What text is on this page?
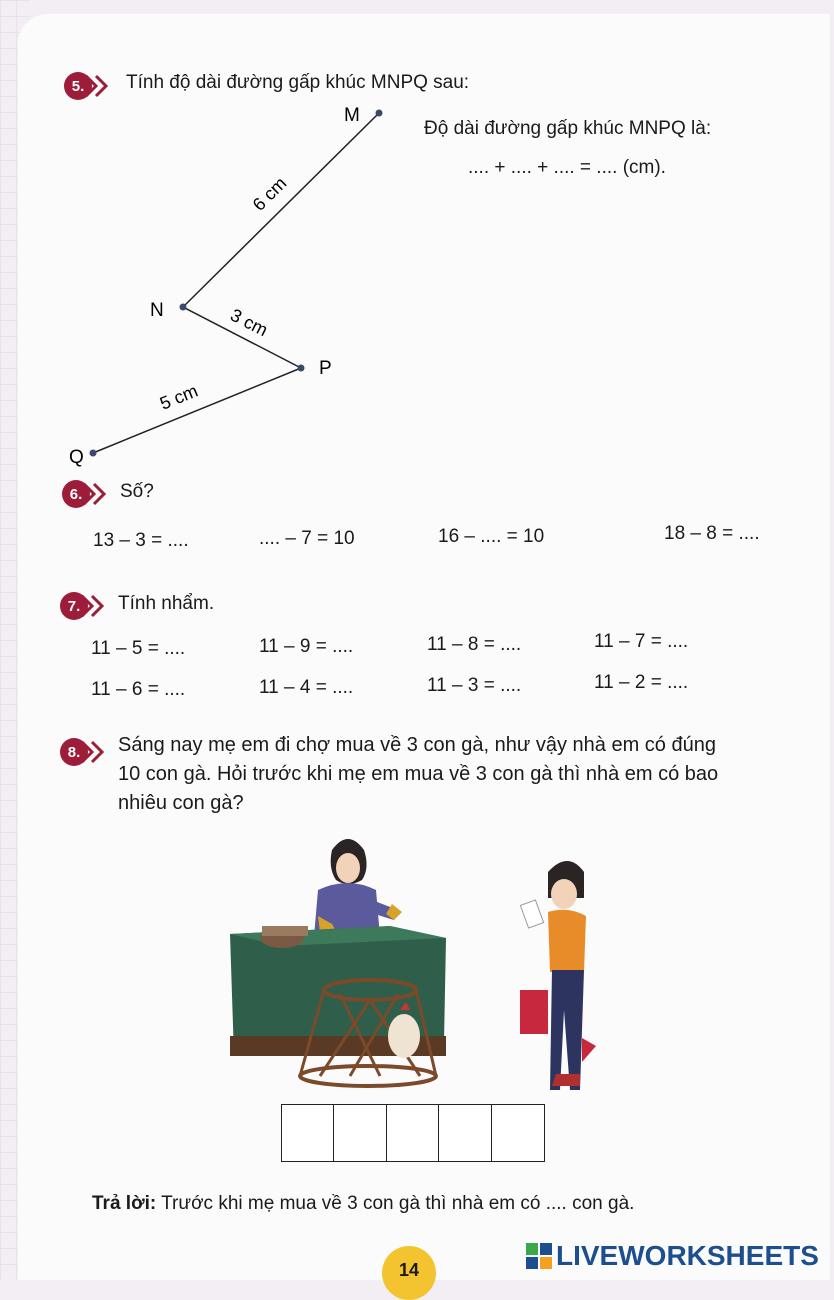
5.	Tính độ dài đường gấp khúc MNPQ sau:
M
N
P
Q
6 cm
3 cm
5 cm
Độ dài đường gấp khúc MNPQ là:
.... + .... + .... = .... (cm).
6.	Số?
13 – 3 = ....	.... – 7 = 10	16 – .... = 10	18 – 8 = ....
7.	Tính nhẩm.
11 – 5 = ....	11 – 9 = ....	11 – 8 = ....	11 – 7 = ....
11 – 6 = ....	11 – 4 = ....	11 – 3 = ....	11 – 2 = ....
8.	Sáng nay mẹ em đi chợ mua về 3 con gà, như vậy nhà em có đúng
10 con gà. Hỏi trước khi mẹ em mua về 3 con gà thì nhà em có bao
nhiêu con gà?
Trả lời: Trước khi mẹ mua về 3 con gà thì nhà em có .... con gà.
14	LIVEWORKSHEETS
